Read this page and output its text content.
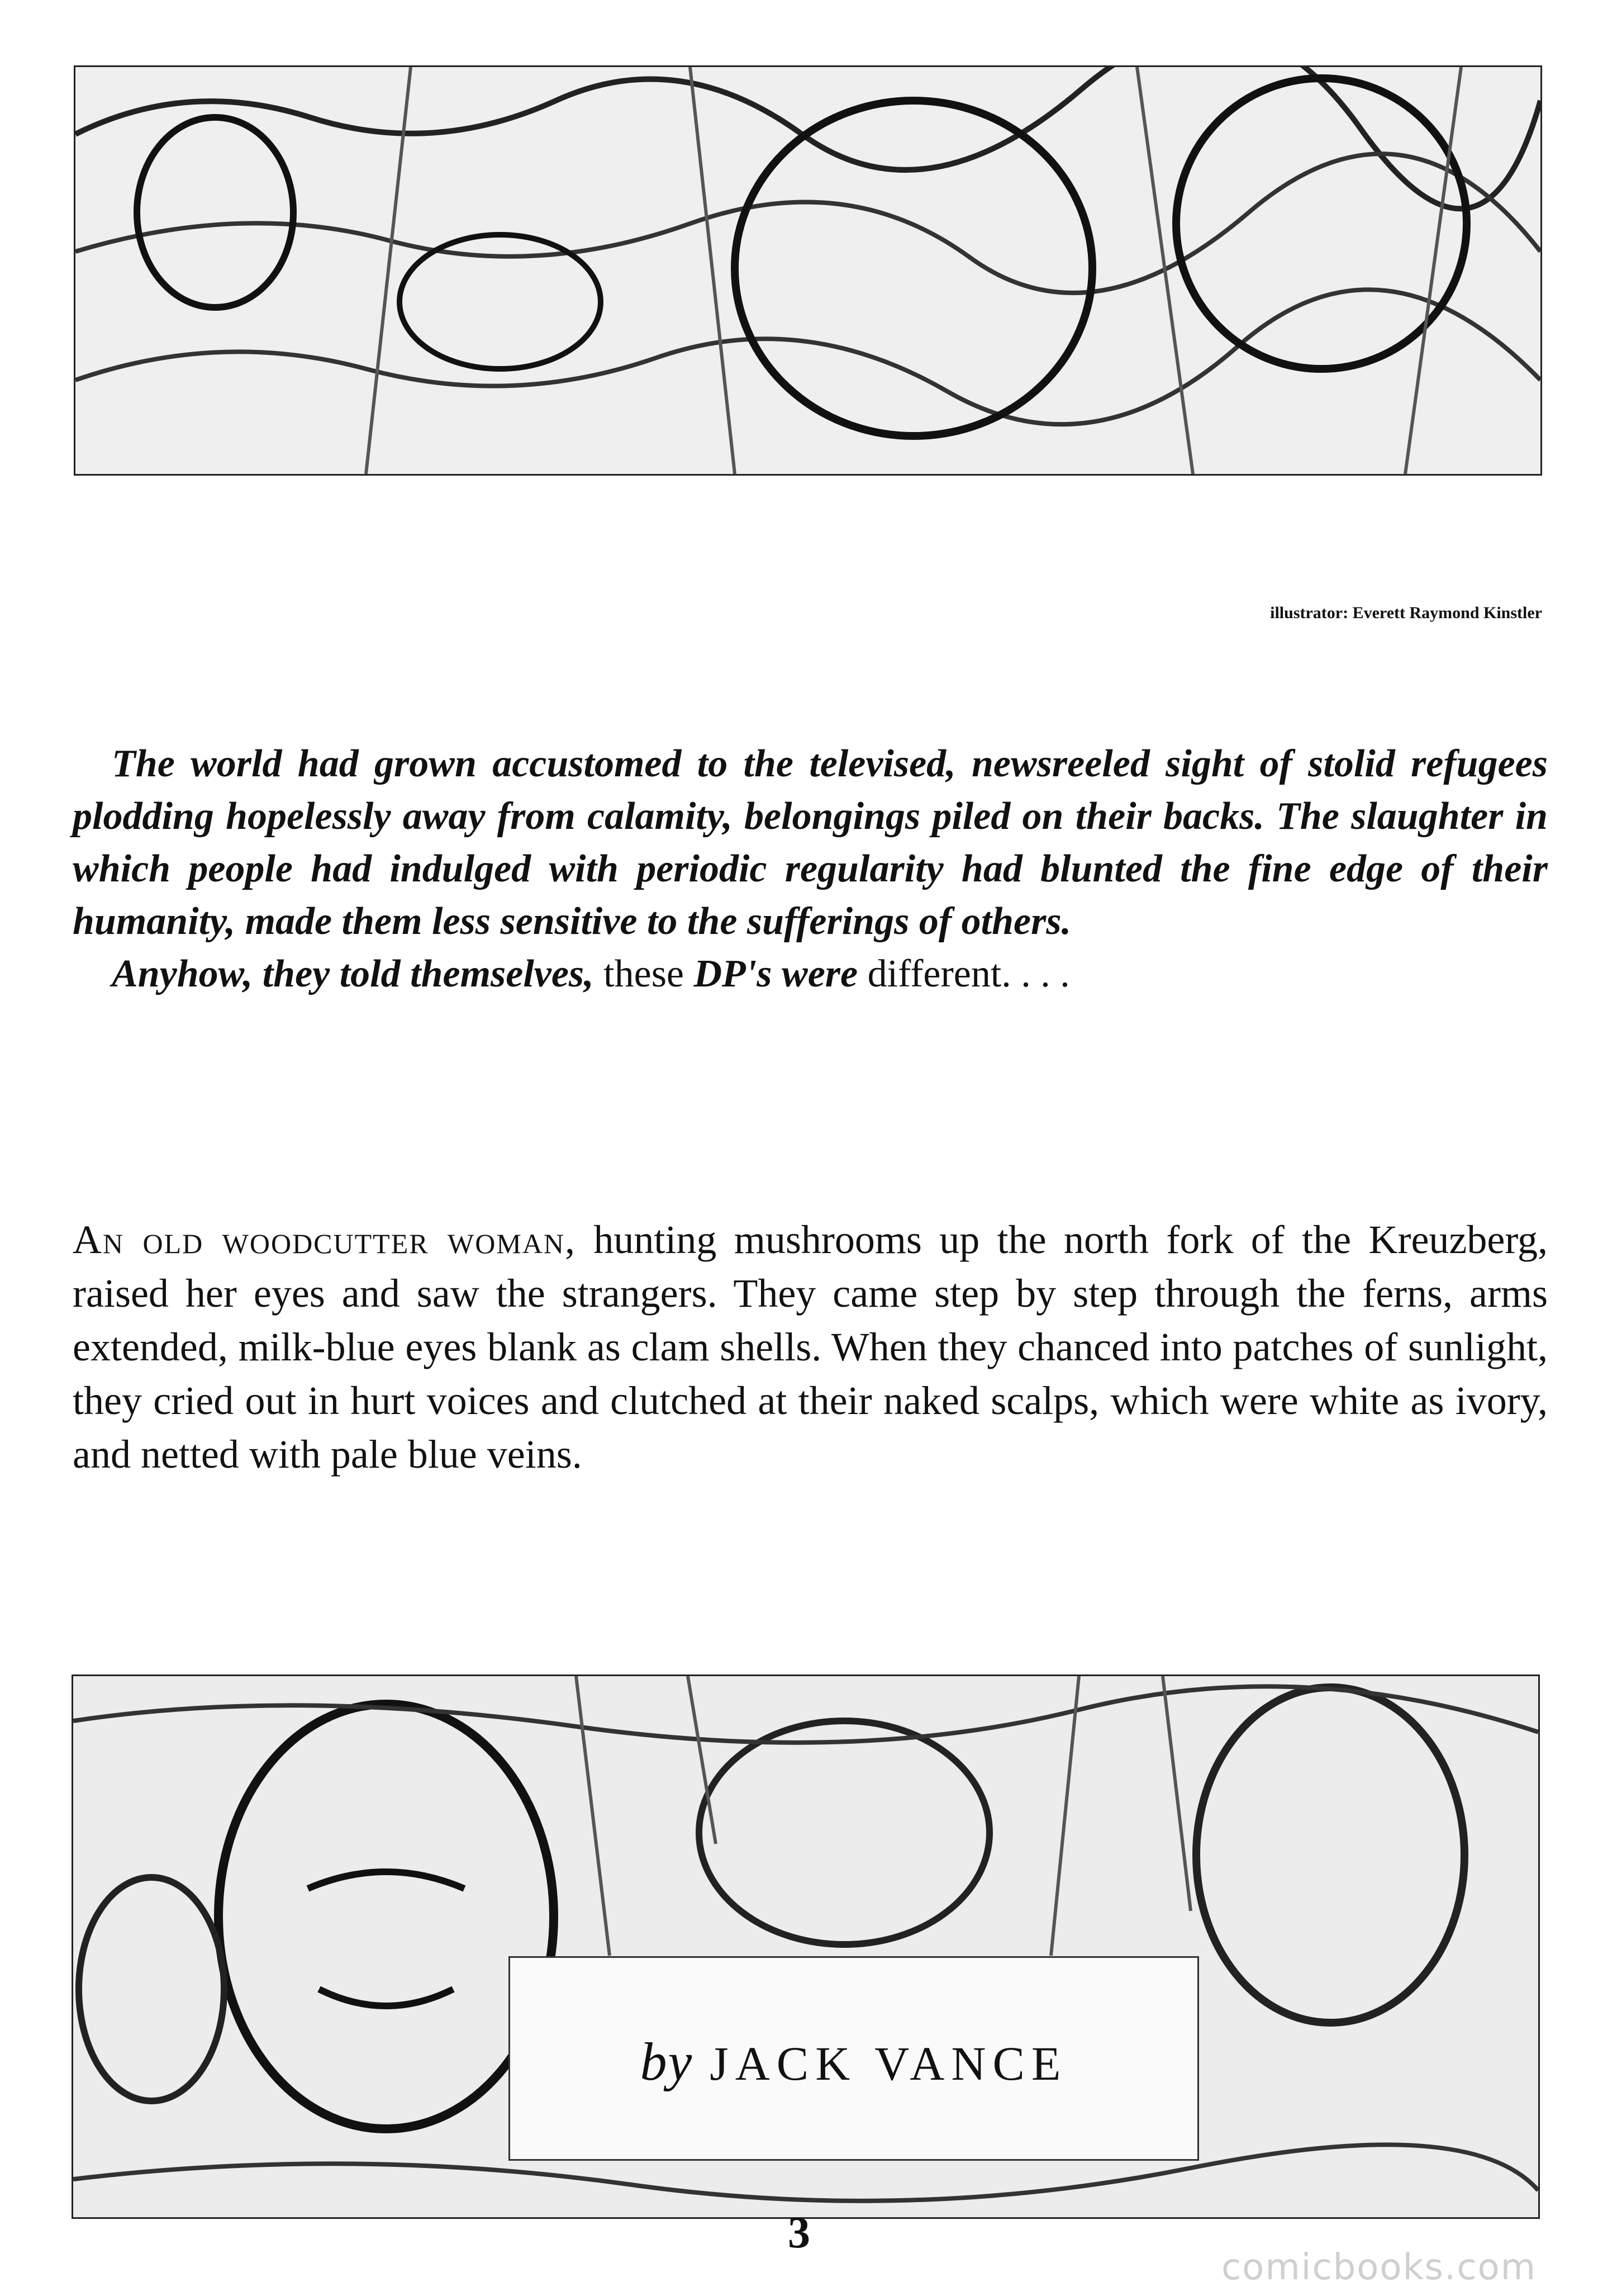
illustrator: Everett Raymond Kinstler

The world had grown accustomed to the televised, newsreeled sight of stolid refugees plodding hopelessly away from calamity, belongings piled on their backs. The slaughter in which people had indulged with periodic regularity had blunted the fine edge of their humanity, made them less sensitive to the sufferings of others.

Anyhow, they told themselves, these DP's were different. . . .

An old woodcutter woman, hunting mushrooms up the north fork of the Kreuzberg, raised her eyes and saw the strangers. They came step by step through the ferns, arms extended, milk-blue eyes blank as clam shells. When they chanced into patches of sunlight, they cried out in hurt voices and clutched at their naked scalps, which were white as ivory, and netted with pale blue veins.

by JACK VANCE
3
comicbooks.com
